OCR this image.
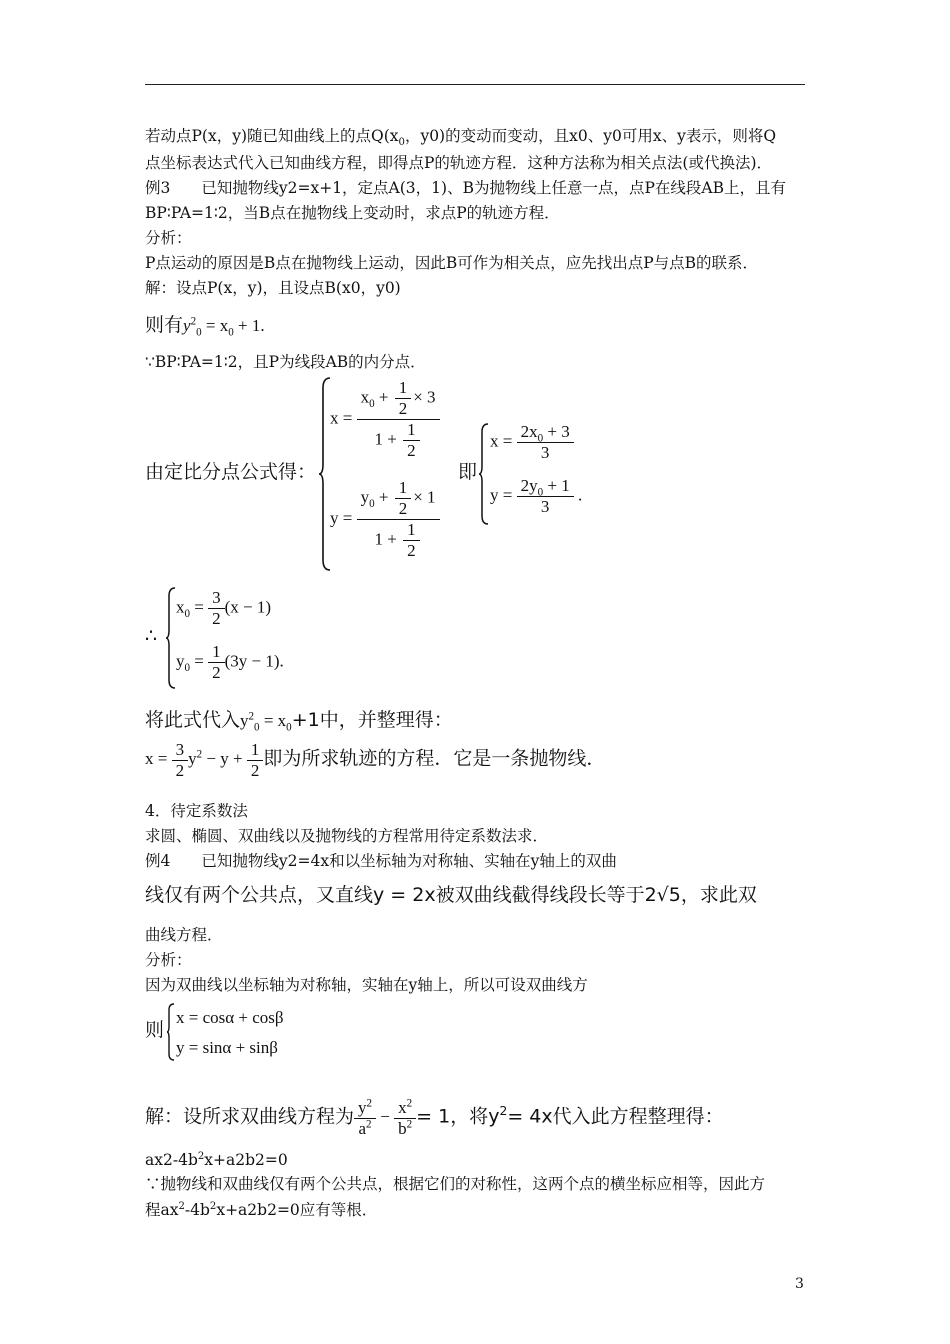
若动点P(x，y)随已知曲线上的点$Q(x_0$，y0)的变动而变动，且x0、y0可用x、y表示，则将Q
点坐标表达式代入已知曲线方程，即得点P的轨迹方程．这种方法称为相关点法(或代换法)．
例3　　已知抛物线y2=x+1，定点A(3，1)、B为抛物线上任意一点，点P在线段AB上，且有
BP∶PA=1∶2，当B点在抛物线上变动时，求点P的轨迹方程．
分析：
P点运动的原因是B点在抛物线上运动，因此B可作为相关点，应先找出点P与点B的联系．
解：设点P(x，y)，且设点B(x0，y0)
则有$y^2_0 = x_0 + 1$.
∵BP∶PA=1∶2，且P为线段AB的内分点．
由定比分点公式得：
$x = \frac{x_0 + \frac{1}{2} \times 3}{1 + \frac{1}{2}}$
$y = \frac{y_0 + \frac{1}{2} \times 1}{1 + \frac{1}{2}}$
即
$x = \frac{2x_0 + 3}{3}$
$y = \frac{2y_0 + 1}{3}$ .
∴
$x_0 = \frac{3}{2} (x - 1)$
$y_0 = \frac{1}{2} (3y - 1)$.
将此式代入$y^2_0 = x_0+1$中，并整理得：
$x = \frac{3}{2} y^2 - y + \frac{1}{2}$ 即为所求轨迹的方程．它是一条抛物线．
4．待定系数法
求圆、椭圆、双曲线以及抛物线的方程常用待定系数法求．
例4　　已知抛物线y2=4x和以坐标轴为对称轴、实轴在y轴上的双曲
线仅有两个公共点，又直线y = 2x被双曲线截得线段长等于2√5，求此双
曲线方程．
分析：
因为双曲线以坐标轴为对称轴，实轴在y轴上，所以可设双曲线方
则
x = cosα + cosβ
y = sinα + sinβ
解：设所求双曲线方程为 $\frac{y^2}{a^2} - \frac{x^2}{b^2} = 1$，将$y^2= 4x$代入此方程整理得：
$ax2-4b^2x+a2b2=0$
∵抛物线和双曲线仅有两个公共点，根据它们的对称性，这两个点的横坐标应相等，因此方
程$ax^2-4b^2x+a2b2=0$应有等根．
3
